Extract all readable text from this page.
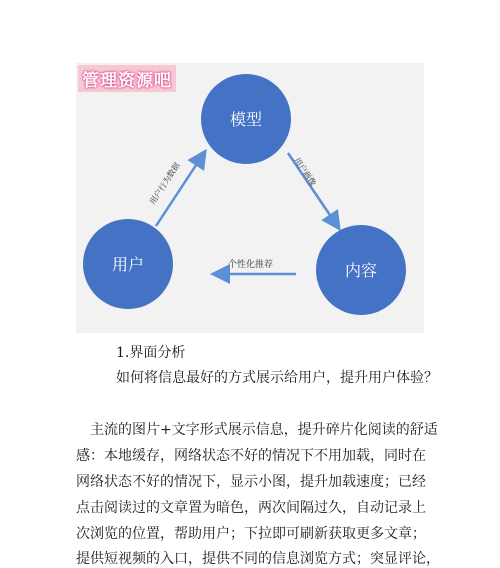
管理资源吧
用户行为数据	用户画像
个性化推荐
模型
用户	内容
1.界面分析
如何将信息最好的方式展示给用户，提升用户体验？
主流的图片+文字形式展示信息，提升碎片化阅读的舒适
感：本地缓存，网络状态不好的情况下不用加载，同时在
网络状态不好的情况下，显示小图，提升加载速度；已经
点击阅读过的文章置为暗色，两次间隔过久，自动记录上
次浏览的位置，帮助用户；下拉即可刷新获取更多文章；
提供短视频的入口，提供不同的信息浏览方式；突显评论，
